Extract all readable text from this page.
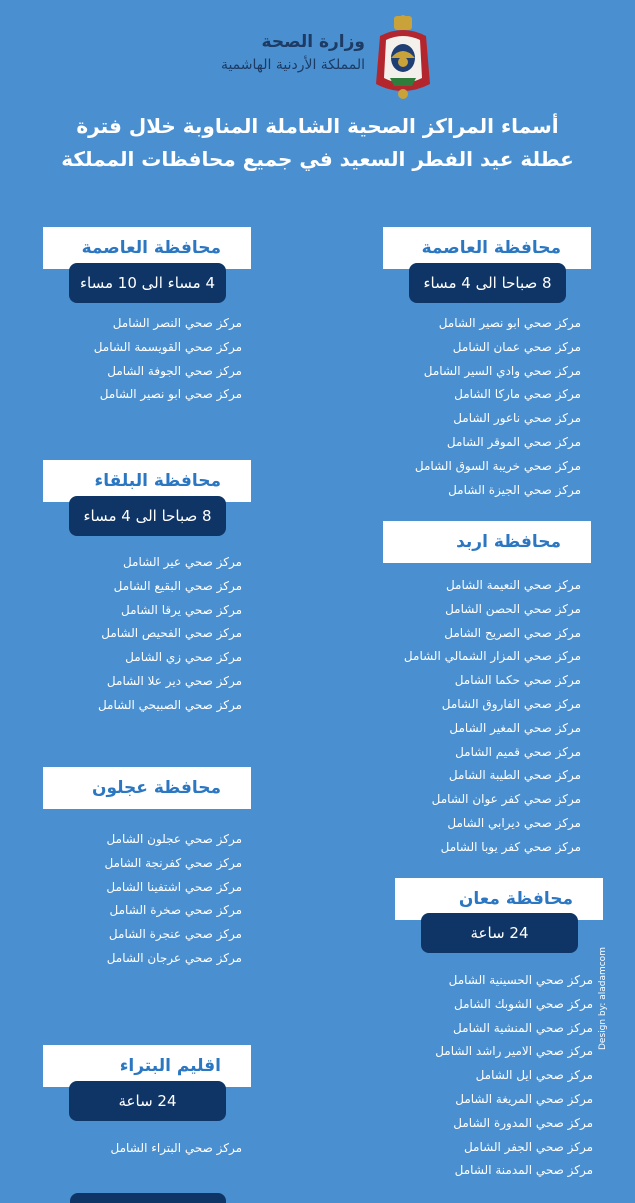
وزارة الصحة
المملكة الأردنية الهاشمية
أسماء المراكز الصحية الشاملة المناوبة خلال فترة
عطلة عيد الفطر السعيد في جميع محافظات المملكة
محافظة العاصمة
8 صباحا الى 4 مساء
مركز صحي ابو نصير الشامل
مركز صحي عمان الشامل
مركز صحي وادي السير الشامل
مركز صحي ماركا الشامل
مركز صحي ناعور الشامل
مركز صحي الموقر الشامل
مركز صحي خريبة السوق الشامل
مركز صحي الجيزة الشامل
محافظة اربد
مركز صحي النعيمة الشامل
مركز صحي الحصن الشامل
مركز صحي الصريح الشامل
مركز صحي المزار الشمالي الشامل
مركز صحي حكما الشامل
مركز صحي الفاروق الشامل
مركز صحي المغير الشامل
مركز صحي قميم الشامل
مركز صحي الطيبة الشامل
مركز صحي كفر عوان الشامل
مركز صحي ديرابي الشامل
مركز صحي كفر يوبا الشامل
محافظة معان
24 ساعة
مركز صحي الحسينية الشامل
مركز صحي الشوبك الشامل
مركز صحي المنشية الشامل
مركز صحي الامير راشد الشامل
مركز صحي ايل الشامل
مركز صحي المريغة الشامل
مركز صحي المدورة الشامل
مركز صحي الجفر الشامل
مركز صحي المدمنة الشامل
محافظة العاصمة
4 مساء الى 10 مساء
مركز صحي النصر الشامل
مركز صحي القويسمة الشامل
مركز صحي الجوفة الشامل
مركز صحي ابو نصير الشامل
محافظة البلقاء
8 صباحا الى 4 مساء
مركز صحي عير الشامل
مركز صحي البقيع الشامل
مركز صحي يرقا الشامل
مركز صحي الفحيص الشامل
مركز صحي زي الشامل
مركز صحي دير علا الشامل
مركز صحي الصبيحي الشامل
محافظة عجلون
مركز صحي عجلون الشامل
مركز صحي كفرنجة الشامل
مركز صحي اشتفينا الشامل
مركز صحي صخرة الشامل
مركز صحي عنجرة الشامل
مركز صحي عرجان الشامل
اقليم البتراء
24 ساعة
مركز صحي البتراء الشامل
Design by: aladamcom
